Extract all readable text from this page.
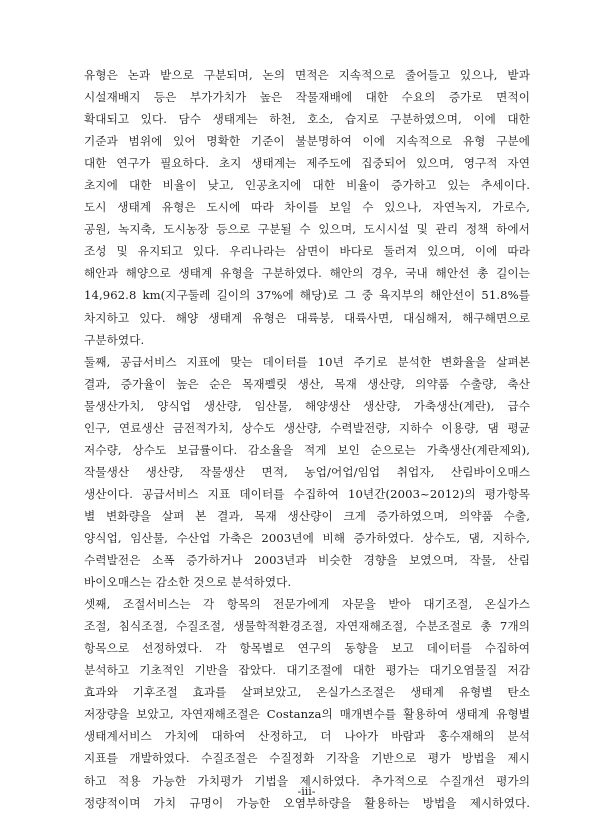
유형은 논과 밭으로 구분되며, 논의 면적은 지속적으로 줄어들고 있으나, 밭과
시설재배지 등은 부가가치가 높은 작물재배에 대한 수요의 증가로 면적이
확대되고 있다. 담수 생태계는 하천, 호소, 습지로 구분하였으며, 이에 대한
기준과 범위에 있어 명확한 기준이 불분명하여 이에 지속적으로 유형 구분에
대한 연구가 필요하다. 초지 생태계는 제주도에 집중되어 있으며, 영구적 자연
초지에 대한 비율이 낮고, 인공초지에 대한 비율이 증가하고 있는 추세이다.
도시 생태계 유형은 도시에 따라 차이를 보일 수 있으나, 자연녹지, 가로수,
공원, 녹지축, 도시농장 등으로 구분될 수 있으며, 도시시설 및 관리 정책 하에서
조성 및 유지되고 있다. 우리나라는 삼면이 바다로 둘러져 있으며, 이에 따라
해안과 해양으로 생태계 유형을 구분하였다. 해안의 경우, 국내 해안선 총 길이는
14,962.8 km(지구둘레 길이의 37%에 해당)로 그 중 육지부의 해안선이 51.8%를
차지하고 있다. 해양 생태계 유형은 대륙붕, 대륙사면, 대심해저, 해구해면으로
구분하였다.
둘째, 공급서비스 지표에 맞는 데이터를 10년 주기로 분석한 변화율을 살펴본
결과, 증가율이 높은 순은 목재펠릿 생산, 목재 생산량, 의약품 수출량, 축산
물생산가치, 양식업 생산량, 임산물, 해양생산 생산량, 가축생산(계란), 급수
인구, 연료생산 금전적가치, 상수도 생산량, 수력발전량, 지하수 이용량, 댐 평균
저수량, 상수도 보급률이다. 감소율을 적게 보인 순으로는 가축생산(계란제외),
작물생산 생산량, 작물생산 면적, 농업/어업/임업 취업자, 산림바이오매스
생산이다. 공급서비스 지표 데이터를 수집하여 10년간(2003~2012)의 평가항목
별 변화량을 살펴 본 결과, 목재 생산량이 크게 증가하였으며, 의약품 수출,
양식업, 임산물, 수산업 가축은 2003년에 비해 증가하였다. 상수도, 댐, 지하수,
수력발전은 소폭 증가하거나 2003년과 비슷한 경향을 보였으며, 작물, 산림
바이오매스는 감소한 것으로 분석하였다.
셋째, 조절서비스는 각 항목의 전문가에게 자문을 받아 대기조절, 온실가스
조절, 침식조절, 수질조절, 생물학적환경조절, 자연재해조절, 수분조절로 총 7개의
항목으로 선정하였다. 각 항목별로 연구의 동향을 보고 데이터를 수집하여
분석하고 기초적인 기반을 잡았다. 대기조절에 대한 평가는 대기오염물질 저감
효과와 기후조절 효과를 살펴보았고, 온실가스조절은 생태계 유형별 탄소
저장량을 보았고, 자연재해조절은 Costanza의 매개변수를 활용하여 생태계 유형별
생태계서비스 가치에 대하여 산정하고, 더 나아가 바람과 홍수재해의 분석
지표를 개발하였다. 수질조절은 수질정화 기작을 기반으로 평가 방법을 제시
하고 적용 가능한 가치평가 기법을 제시하였다. 추가적으로 수질개선 평가의
정량적이며 가치 규명이 가능한 오염부하량을 활용하는 방법을 제시하였다.
-iii-
